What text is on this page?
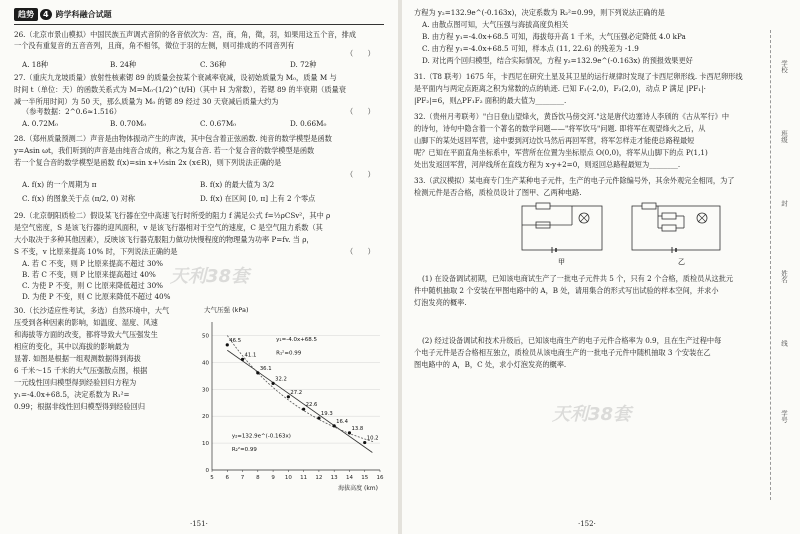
趋势	4 跨学科融合试题
26.（北京市景山模拟）中国民族五声调式音阶的各音依次为：宫，商，角，徵，羽，如果用这五个音，排成
一个没有重复音的五音音列，且商，角不相邻，徵位于羽的左侧，则可排成的不同音列有
（　　）
A. 18种	B. 24种	C. 36种	D. 72种
27.（重庆九龙坡质量）放射性核素锶 89 的质量会按某个衰减率衰减，设初始质量为 M₀，质量 M 与
时间 t（单位：天）的函数关系式为 M=M₀·(1/2)^(t/H)（其中 H 为常数），若锶 89 的半衰期（质量衰
减一半所用时间）为 50 天，那么质量为 M₀ 的锶 89 经过 30 天衰减后质量大约为
（　　）
（参考数据：2^0.6≈1.516）
A. 0.72M₀	B. 0.70M₀	C. 0.67M₀	D. 0.66M₀
28.（郑州质量预测二）声音是由物体振动产生的声波，其中包含着正弦函数. 纯音的数学模型是函数
y=Asin ωt，我们听到的声音是由纯音合成的，称之为复合音. 若一个复合音的数学模型是函数
若一个复合音的数学模型是函数 f(x)=sin x+½sin 2x (x∈R)，则下列说法正确的是
（　　）
A. f(x) 的一个周期为 π	B. f(x) 的最大值为 3/2
C. f(x) 的图象关于点 (π/2, 0) 对称	D. f(x) 在区间 [0, π] 上有 2 个零点
29.（北京朝阳质检二）假设某飞行器在空中高速飞行时所受的阻力 f 满足公式 f=½ρCSv²，其中 ρ
是空气密度，S 是该飞行器的迎风面积，v 是该飞行器相对于空气的速度，C 是空气阻力系数（其
大小取决于多种其他因素），反映该飞行器克服阻力做功快慢程度的物理量为功率 P=fv. 当 ρ，
S 不变，v 比原来提高 10% 时，下列说法正确的是	（　　）
A. 若 C 不变，则 P 比原来提高不超过 30%
B. 若 C 不变，则 P 比原来提高超过 40%
C. 为使 P 不变，则 C 比原来降低超过 30%
D. 为使 P 不变，则 C 比原来降低不超过 40%
天利38套
30.（长沙适应性考试，多选）自然环境中，大气
压受到各种因素的影响，如温度、湿度、风速
和海拔等方面的改变，都将导致大气压强发生
相应的变化，其中以海拔的影响最为
显著. 如图是根据一组观测数据得到海拔
6 千米～15 千米的大气压强散点图，根据
一元线性回归模型得到经验回归方程为
y₁=-4.0x+68.5，决定系数为 R₁²=
0.99；根据非线性回归模型得到经验回归
大气压强 (kPa)
0
10
20
30
40
50
5 6 7 8 9 10 11 12 13 14 15 16
海拔高度 (km)
46.5
41.1
36.1
32.2
27.2
22.6
19.3
16.4
13.8
10.2
y₁=-4.0x+68.5
R₁²=0.99
y₂=132.9e^(-0.163x)
R₂²=0.99
·151·
方程为 y₂=132.9e^(-0.163x)，决定系数为 R₂²=0.99，则下列说法正确的是
A. 由散点图可知，大气压强与海拔高度负相关
B. 由方程 y₁=-4.0x+68.5 可知，海拔每升高 1 千米，大气压强必定降低 4.0 kPa
C. 由方程 y₁=-4.0x+68.5 可知，样本点 (11, 22.6) 的残差为 -1.9
D. 对比两个回归模型，结合实际情况，方程 y₂=132.9e^(-0.163x) 的预报效果更好
31.（T8 联考）1675 年，卡西尼在研究土星及其卫星的运行规律时发现了卡西尼卵形线. 卡西尼卵形线
是平面内与两定点距离之积为常数的点的轨迹. 已知 F₁(-2,0)，F₂(2,0)，动点 P 满足 |PF₁|·
|PF₂|=6，则△PF₁F₂ 面积的最大值为________.
32.（贵州月考联考）"白日登山望烽火，黄昏饮马傍交河."这是唐代边塞诗人李颀的《古从军行》中
的诗句，诗句中隐含着一个著名的数学问题——"将军饮马"问题. 即将军在观望烽火之后，从
山脚下的某处返回军营，途中要到河边饮马然后再回军营，将军怎样走才能使总路程最短
呢？已知在平面直角坐标系中，军营所在位置为坐标原点 O(0,0)，将军从山脚下的点 P(1,1)
处出发返回军营，河岸线所在直线方程为 x-y+2=0，则返回总路程最短为________.
33.（武汉模拟）某电商专门生产某种电子元件，生产的电子元件除编号外，其余外观完全相同，为了
检测元件是否合格，质检员设计了图甲、乙两种电路.
甲	乙
(1) 在设备调试初期，已知该电商试生产了一批电子元件共 5 个，只有 2 个合格，质检员从这批元
件中随机抽取 2 个安装在甲图电路中的 A，B 处，请用集合的形式写出试验的样本空间，并求小
灯泡发亮的概率.
(2) 经过设备调试和技术升级后，已知该电商生产的电子元件合格率为 0.9，且在生产过程中每
个电子元件是否合格相互独立，质检员从该电商生产的一批电子元件中随机抽取 3 个安装在乙
图电路中的 A，B，C 处，求小灯泡发亮的概率.
天利38套
·152·
学校
班级
封
姓名
线
学号
